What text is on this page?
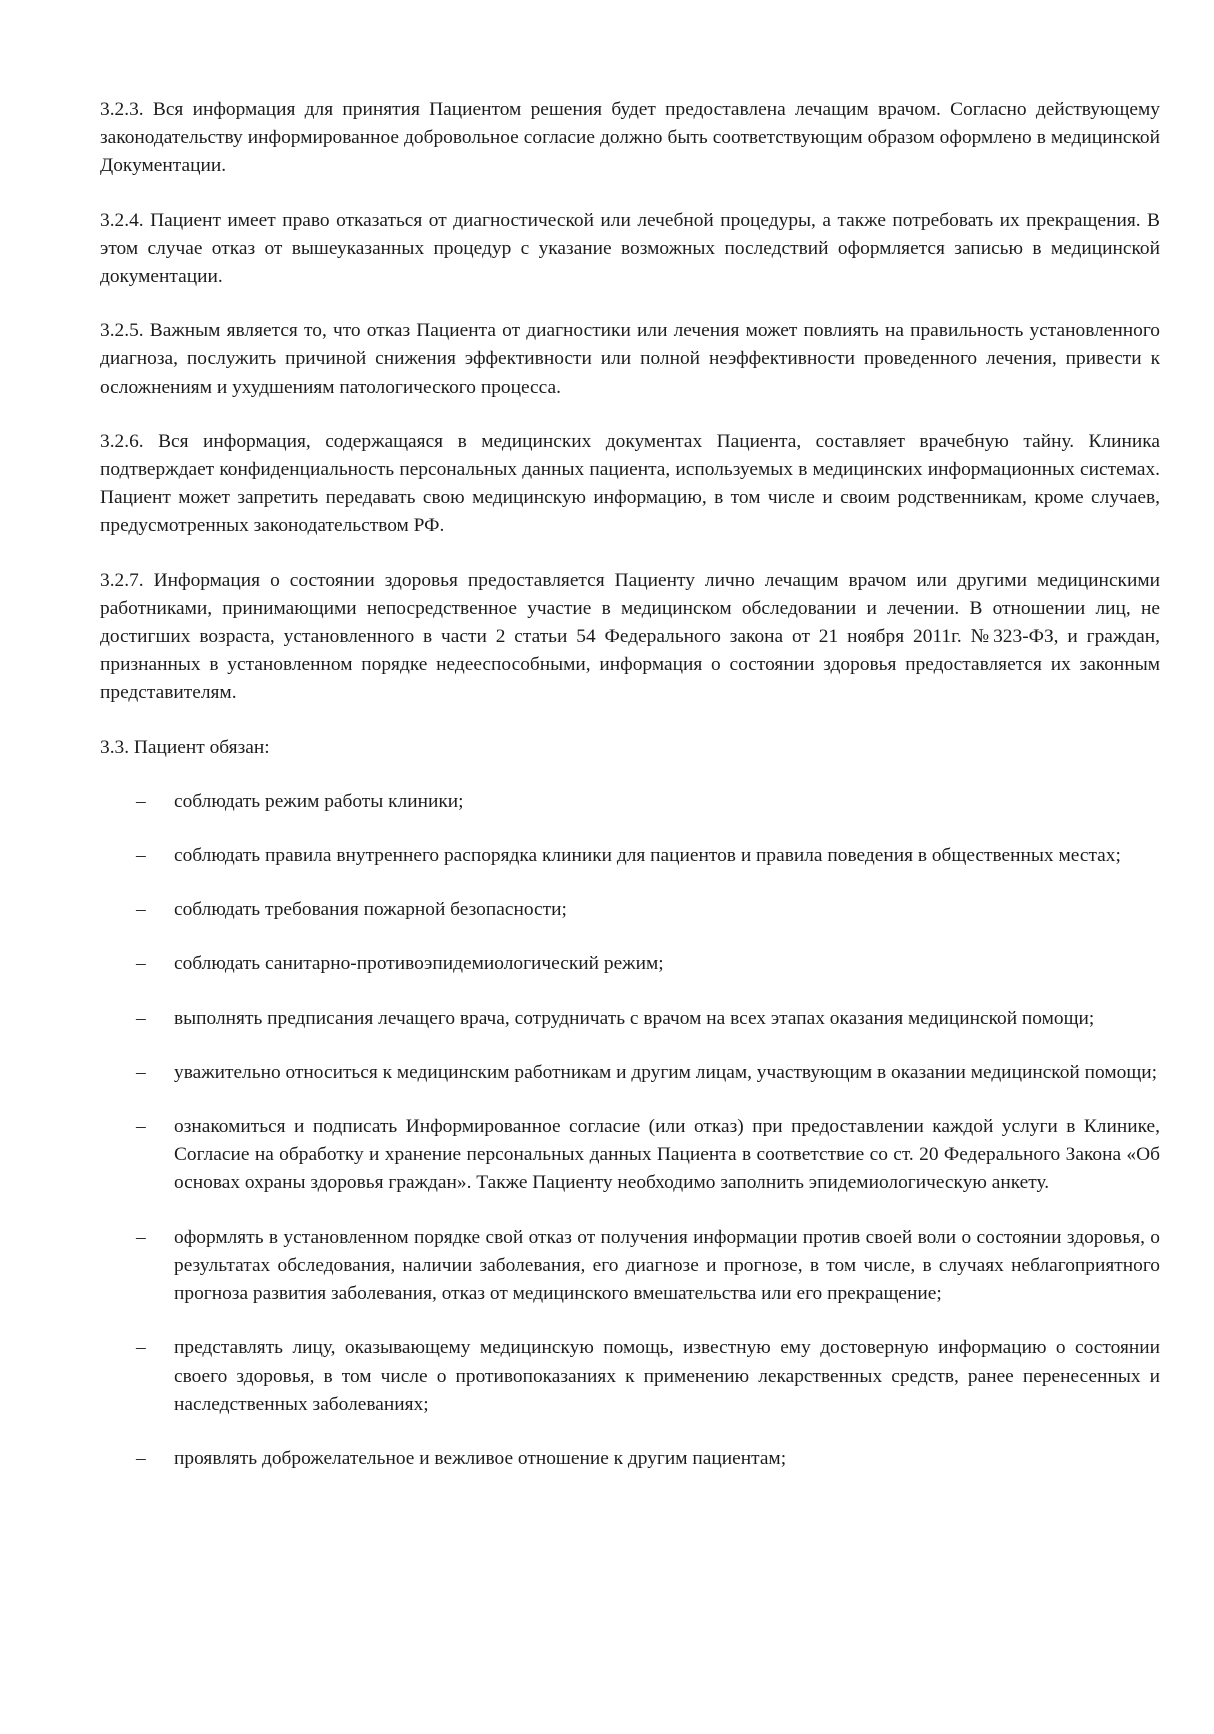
3.2.3. Вся информация для принятия Пациентом решения будет предоставлена лечащим врачом. Согласно действующему законодательству информированное добровольное согласие должно быть соответствующим образом оформлено в медицинской Документации.

3.2.4. Пациент имеет право отказаться от диагностической или лечебной процедуры, а также потребовать их прекращения. В этом случае отказ от вышеуказанных процедур с указание возможных последствий оформляется записью в медицинской документации.

3.2.5. Важным является то, что отказ Пациента от диагностики или лечения может повлиять на правильность установленного диагноза, послужить причиной снижения эффективности или полной неэффективности проведенного лечения, привести к осложнениям и ухудшениям патологического процесса.

3.2.6. Вся информация, содержащаяся в медицинских документах Пациента, составляет врачебную тайну. Клиника подтверждает конфиденциальность персональных данных пациента, используемых в медицинских информационных системах. Пациент может запретить передавать свою медицинскую информацию, в том числе и своим родственникам, кроме случаев, предусмотренных законодательством РФ.

3.2.7. Информация о состоянии здоровья предоставляется Пациенту лично лечащим врачом или другими медицинскими работниками, принимающими непосредственное участие в медицинском обследовании и лечении. В отношении лиц, не достигших возраста, установленного в части 2 статьи 54 Федерального закона от 21 ноября 2011г. №323-ФЗ, и граждан, признанных в установленном порядке недееспособными, информация о состоянии здоровья предоставляется их законным представителям.

3.3. Пациент обязан:

– соблюдать режим работы клиники;
– соблюдать правила внутреннего распорядка клиники для пациентов и правила поведения в общественных местах;
– соблюдать требования пожарной безопасности;
– соблюдать санитарно-противоэпидемиологический режим;
– выполнять предписания лечащего врача, сотрудничать с врачом на всех этапах оказания медицинской помощи;
– уважительно относиться к медицинским работникам и другим лицам, участвующим в оказании медицинской помощи;
– ознакомиться и подписать Информированное согласие (или отказ) при предоставлении каждой услуги в Клинике, Согласие на обработку и хранение персональных данных Пациента в соответствие со ст. 20 Федерального Закона «Об основах охраны здоровья граждан». Также Пациенту необходимо заполнить эпидемиологическую анкету.
– оформлять в установленном порядке свой отказ от получения информации против своей воли о состоянии здоровья, о результатах обследования, наличии заболевания, его диагнозе и прогнозе, в том числе, в случаях неблагоприятного прогноза развития заболевания, отказ от медицинского вмешательства или его прекращение;
– представлять лицу, оказывающему медицинскую помощь, известную ему достоверную информацию о состоянии своего здоровья, в том числе о противопоказаниях к применению лекарственных средств, ранее перенесенных и наследственных заболеваниях;
– проявлять доброжелательное и вежливое отношение к другим пациентам;
